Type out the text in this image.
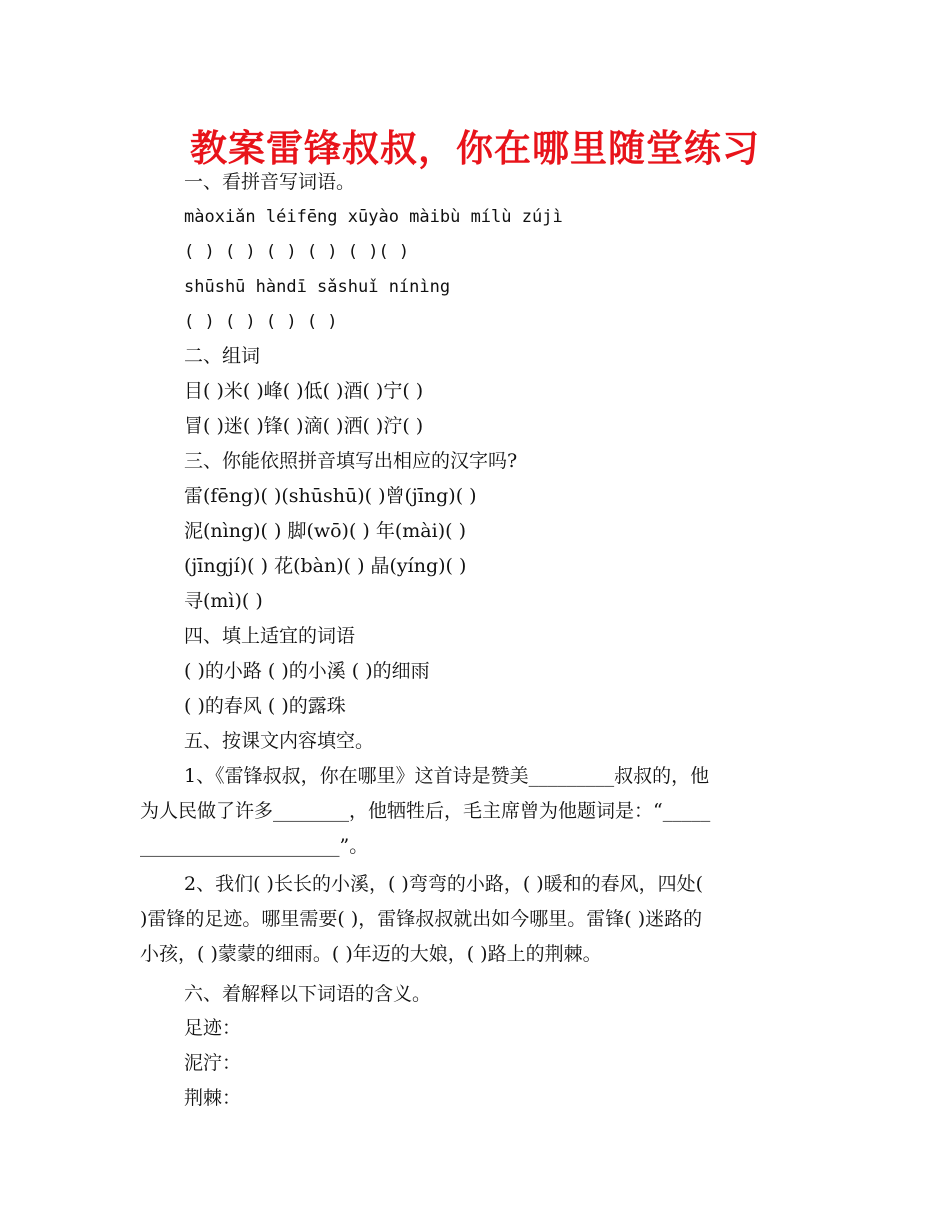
教案雷锋叔叔，你在哪里随堂练习
一、看拼音写词语。
màoxiǎn léifēng xūyào màibù mílù zújì
( ) ( ) ( ) ( ) ( )( )
shūshū hàndī sǎshuǐ nínìng
( ) ( ) ( ) ( )
二、组词
目( )米( )峰( )低( )酒( )宁( )
冒( )迷( )锋( )滴( )洒( )泞( )
三、你能依照拼音填写出相应的汉字吗?
雷(fēng)( )(shūshū)( )曾(jīng)( )
泥(nìng)( ) 脚(wō)( ) 年(mài)( )
(jīngjí)( ) 花(bàn)( ) 晶(yíng)( )
寻(mì)( )
四、填上适宜的词语
( )的小路 ( )的小溪 ( )的细雨
( )的春风 ( )的露珠
五、按课文内容填空。
1、《雷锋叔叔，你在哪里》这首诗是赞美_________叔叔的，他
为人民做了许多________，他牺牲后，毛主席曾为他题词是：“_____
_____________________”。
2、我们( )长长的小溪，( )弯弯的小路，( )暖和的春风，四处(
)雷锋的足迹。哪里需要( )，雷锋叔叔就出如今哪里。雷锋( )迷路的
小孩，( )蒙蒙的细雨。( )年迈的大娘，( )路上的荆棘。
六、着解释以下词语的含义。
足迹：
泥泞：
荆棘：
